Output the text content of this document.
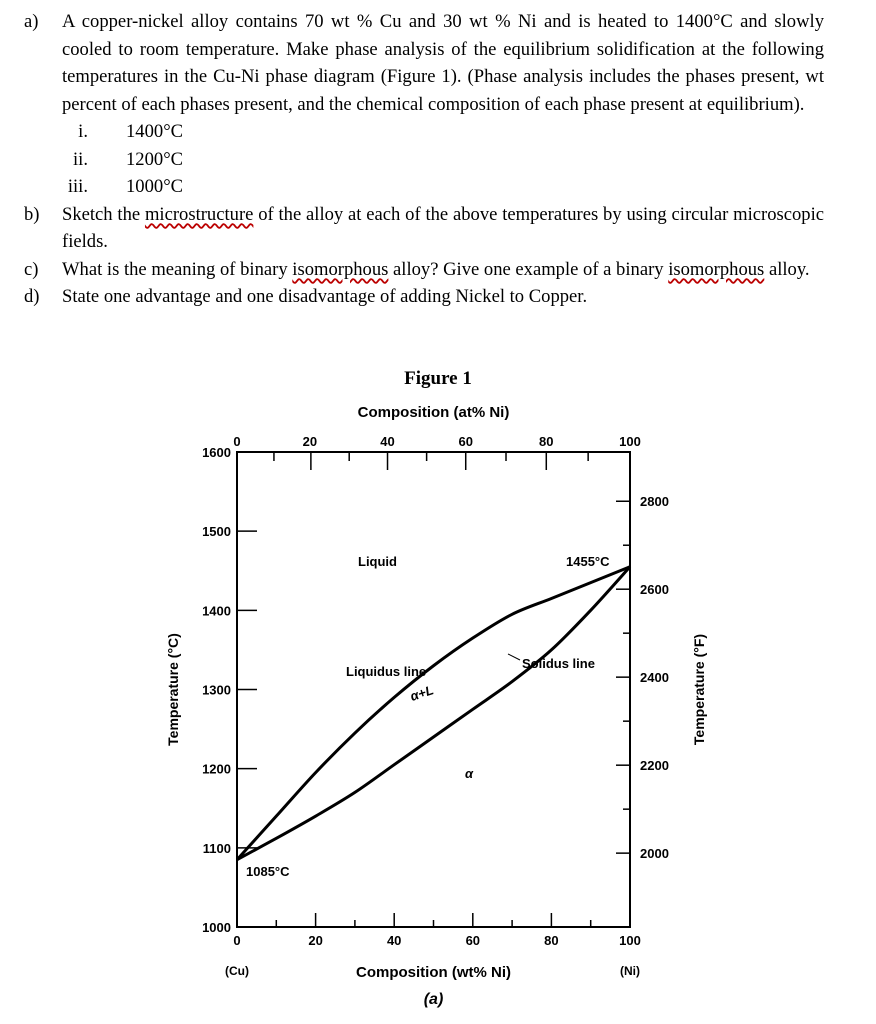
a)	A copper-nickel alloy contains 70 wt % Cu and 30 wt % Ni and is heated to 1400°C and slowly cooled to room temperature. Make phase analysis of the equilibrium solidification at the following temperatures in the Cu-Ni phase diagram (Figure 1). (Phase analysis includes the phases present, wt percent of each phases present, and the chemical composition of each phase present at equilibrium).
i.	1400°C
ii.	1200°C
iii.	1000°C
b)	Sketch the microstructure of the alloy at each of the above temperatures by using circular microscopic fields.
c)	What is the meaning of binary isomorphous alloy? Give one example of a binary isomorphous alloy.
d)	State one advantage and one disadvantage of adding Nickel to Copper.
Figure 1
Composition (at% Ni)
0	20	40	60	80	100
(Cu)	(Ni)
Composition (wt% Ni)
(a)
0	20	40	60	80	100
1000
1100
1200
1300
1400
1500
1600
Temperature (°C)
2000
2200
2400
2600
2800
Temperature (°F)
Liquid
Liquidus line
Solidus line
α+L
α
1085°C
1455°C
